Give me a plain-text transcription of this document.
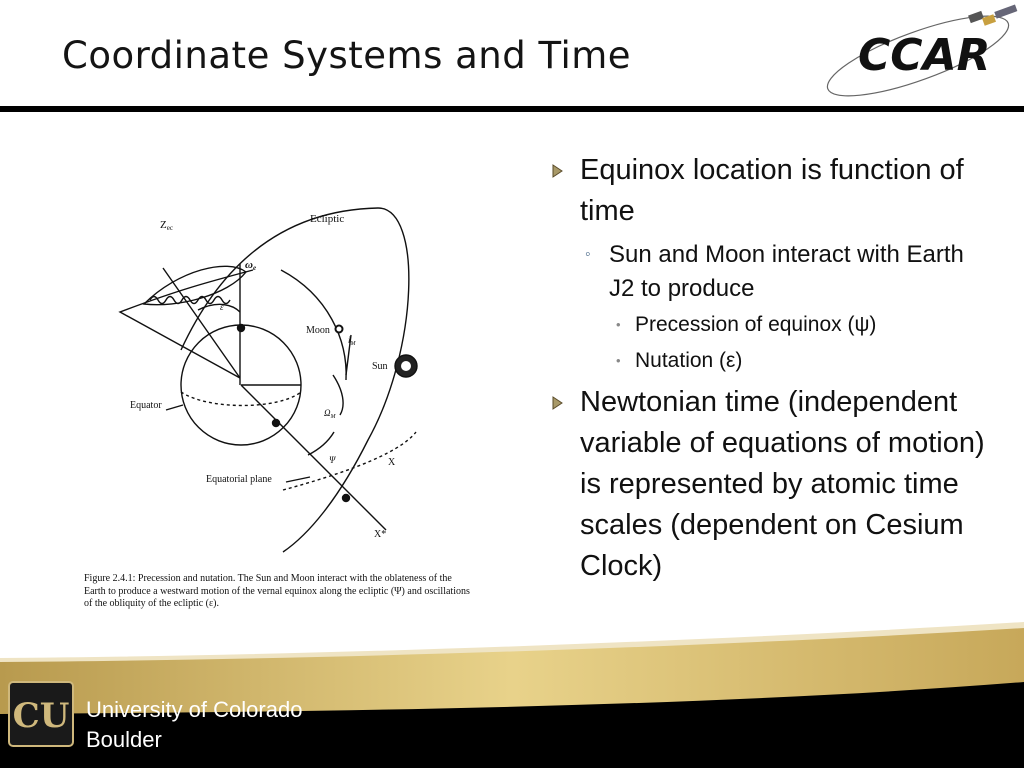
Coordinate Systems and Time	CCAR
Zec
Ecliptic
ωe
ε
Moon
$i_M$
Sun
Equator
$\Omega_M$
Ψ	X
Equatorial plane
X*
Figure 2.4.1: Precession and nutation. The Sun and Moon interact with the oblateness of the Earth to produce a westward motion of the vernal equinox along the ecliptic (Ψ) and oscillations of the obliquity of the ecliptic (ε).
Equinox location is function of time
◦ Sun and Moon interact with Earth J2 to produce
• Precession of equinox (ψ)
• Nutation (ε)
Newtonian time (independent variable of equations of motion) is represented by atomic time scales (dependent on Cesium Clock)
CU University of Colorado
Boulder
